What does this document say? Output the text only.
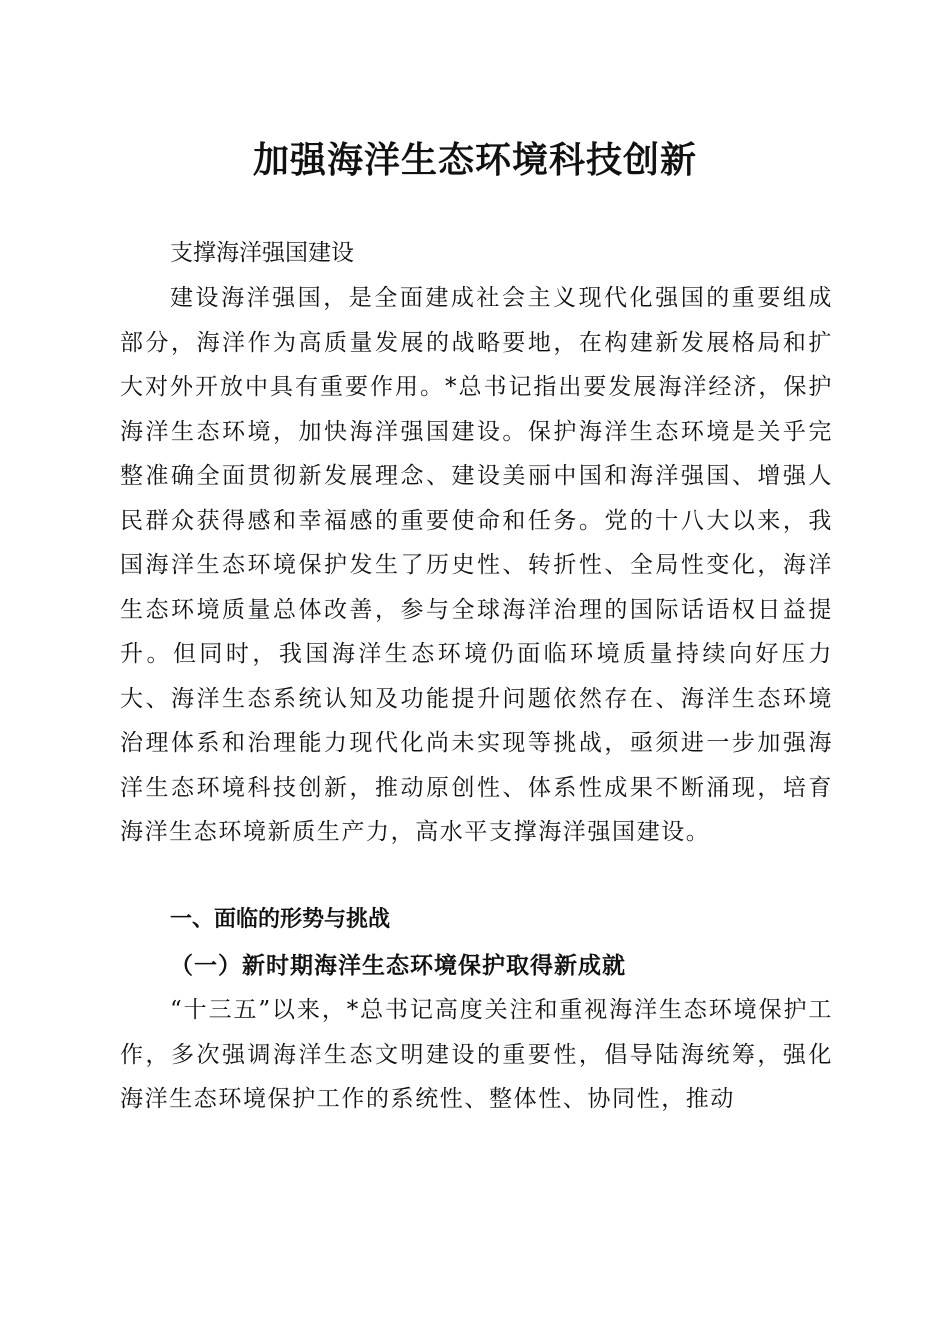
加强海洋生态环境科技创新

支撑海洋强国建设

建设海洋强国，是全面建成社会主义现代化强国的重要组成部分，海洋作为高质量发展的战略要地，在构建新发展格局和扩大对外开放中具有重要作用。*总书记指出要发展海洋经济，保护海洋生态环境，加快海洋强国建设。保护海洋生态环境是关乎完整准确全面贯彻新发展理念、建设美丽中国和海洋强国、增强人民群众获得感和幸福感的重要使命和任务。党的十八大以来，我国海洋生态环境保护发生了历史性、转折性、全局性变化，海洋生态环境质量总体改善，参与全球海洋治理的国际话语权日益提升。但同时，我国海洋生态环境仍面临环境质量持续向好压力大、海洋生态系统认知及功能提升问题依然存在、海洋生态环境治理体系和治理能力现代化尚未实现等挑战，亟须进一步加强海洋生态环境科技创新，推动原创性、体系性成果不断涌现，培育海洋生态环境新质生产力，高水平支撑海洋强国建设。

一、面临的形势与挑战
（一）新时期海洋生态环境保护取得新成就

“十三五”以来，*总书记高度关注和重视海洋生态环境保护工作，多次强调海洋生态文明建设的重要性，倡导陆海统筹，强化海洋生态环境保护工作的系统性、整体性、协同性，推动
